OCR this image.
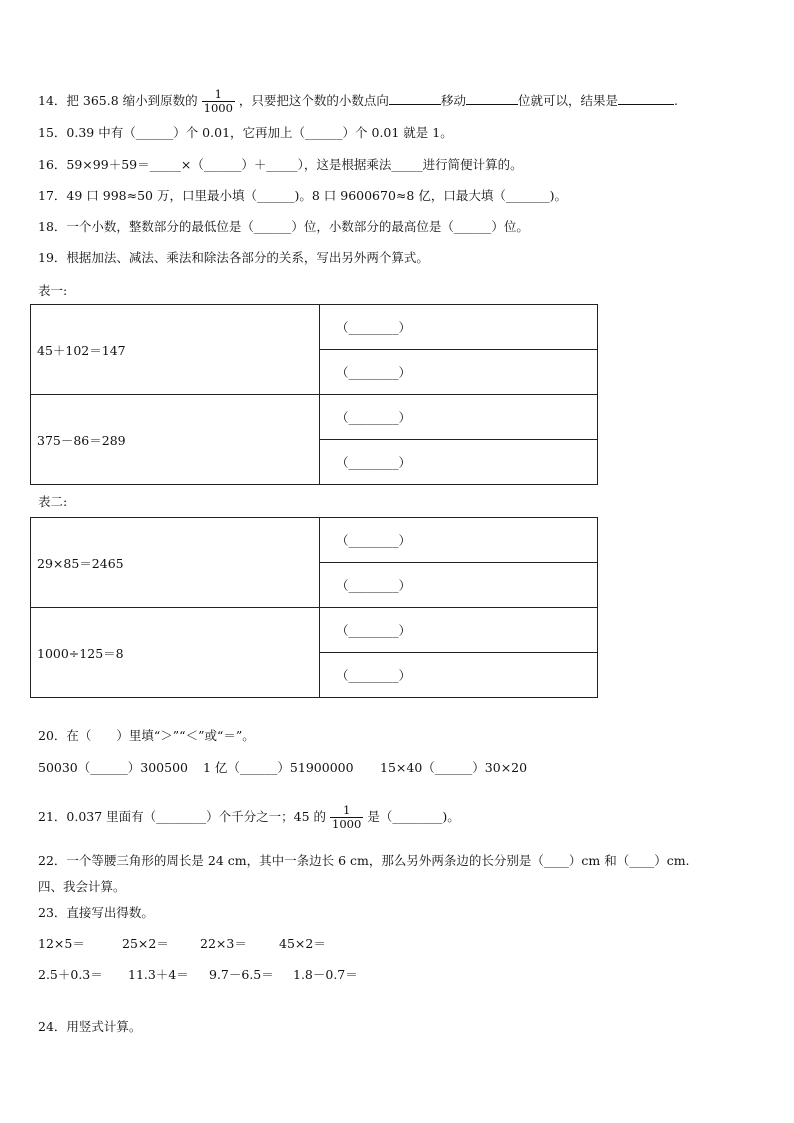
14．把 365.8 缩小到原数的 $\frac{1}{1000}$ ，只要把这个数的小数点向	移动	位就可以，结果是	.
15．0.39 中有（______）个 0.01，它再加上（______）个 0.01 就是 1。
16．59×99＋59＝_____×（______）＋_____），这是根据乘法_____进行简便计算的。
17．49 口 998≈50 万，口里最小填（______)。8 口 9600670≈8 亿，口最大填（_______)。
18．一个小数，整数部分的最低位是（______）位，小数部分的最高位是（______）位。
19．根据加法、减法、乘法和除法各部分的关系，写出另外两个算式。
表一:
45＋102＝147	（________）
	（________）
375－86＝289	（________）
	（________）
表二:
29×85＝2465	（________）
	（________）
1000÷125＝8	（________）
	（________）
20．在（　　）里填“＞”“＜”或“＝”。
50030（______）300500 1 亿（______）51900000 15×40（______）30×20
21．0.037 里面有（________）个千分之一；45 的 $\frac{1}{1000}$ 是（________)。
22．一个等腰三角形的周长是 24 cm，其中一条边长 6 cm，那么另外两条边的长分别是（____）cm 和（____）cm.
四、我会计算。
23．直接写出得数。
12×5＝	25×2＝ 22×3＝	45×2＝
2.5＋0.3＝ 11.3＋4＝ 9.7－6.5＝ 1.8－0.7＝
24．用竖式计算。
